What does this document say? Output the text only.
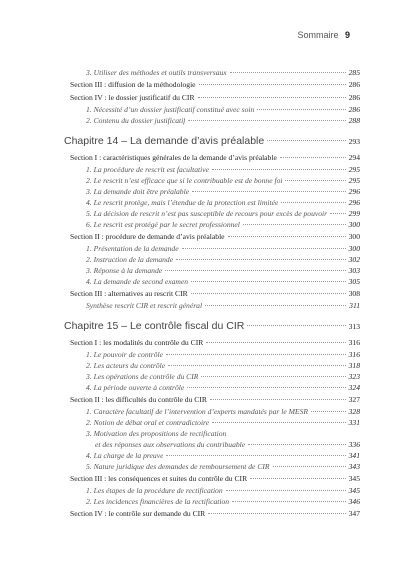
Sommaire 9
3. Utiliser des méthodes et outils transversaux	285
Section III : diffusion de la méthodologie	286
Section IV : le dossier justificatif du CIR	286
1. Nécessité d’un dossier justificatif constitué avec soin	286
2. Contenu du dossier justificatif	288
Chapitre 14 – La demande d’avis préalable	293
Section I : caractéristiques générales de la demande d’avis préalable	294
1. La procédure de rescrit est facultative	295
2. Le rescrit n’est efficace que si le contribuable est de bonne foi	295
3. La demande doit être préalable	296
4. Le rescrit protège, mais l’étendue de la protection est limitée	296
5. La décision de rescrit n’est pas susceptible de recours pour excès de pouvoir	299
6. Le rescrit est protégé par le secret professionnel	300
Section II : procédure de demande d’avis préalable	300
1. Présentation de la demande	300
2. Instruction de la demande	302
3. Réponse à la demande	303
4. La demande de second examen	305
Section III : alternatives au rescrit CIR	308
Synthèse rescrit CIR et rescrit général	311
Chapitre 15 – Le contrôle fiscal du CIR	313
Section I : les modalités du contrôle du CIR	316
1. Le pouvoir de contrôle	316
2. Les acteurs du contrôle	318
3. Les opérations de contrôle du CIR	323
4. La période ouverte à contrôle	324
Section II : les difficultés du contrôle du CIR	327
1. Caractère facultatif de l’intervention d’experts mandatés par le MESR	328
2. Notion de débat oral et contradictoire	331
3. Motivation des propositions de rectification
et des réponses aux observations du contribuable	336
4. La charge de la preuve	341
5. Nature juridique des demandes de remboursement de CIR	343
Section III : les conséquences et suites du contrôle du CIR	345
1. Les étapes de la procédure de rectification	345
2. Les incidences financières de la rectification	346
Section IV : le contrôle sur demande du CIR	347
